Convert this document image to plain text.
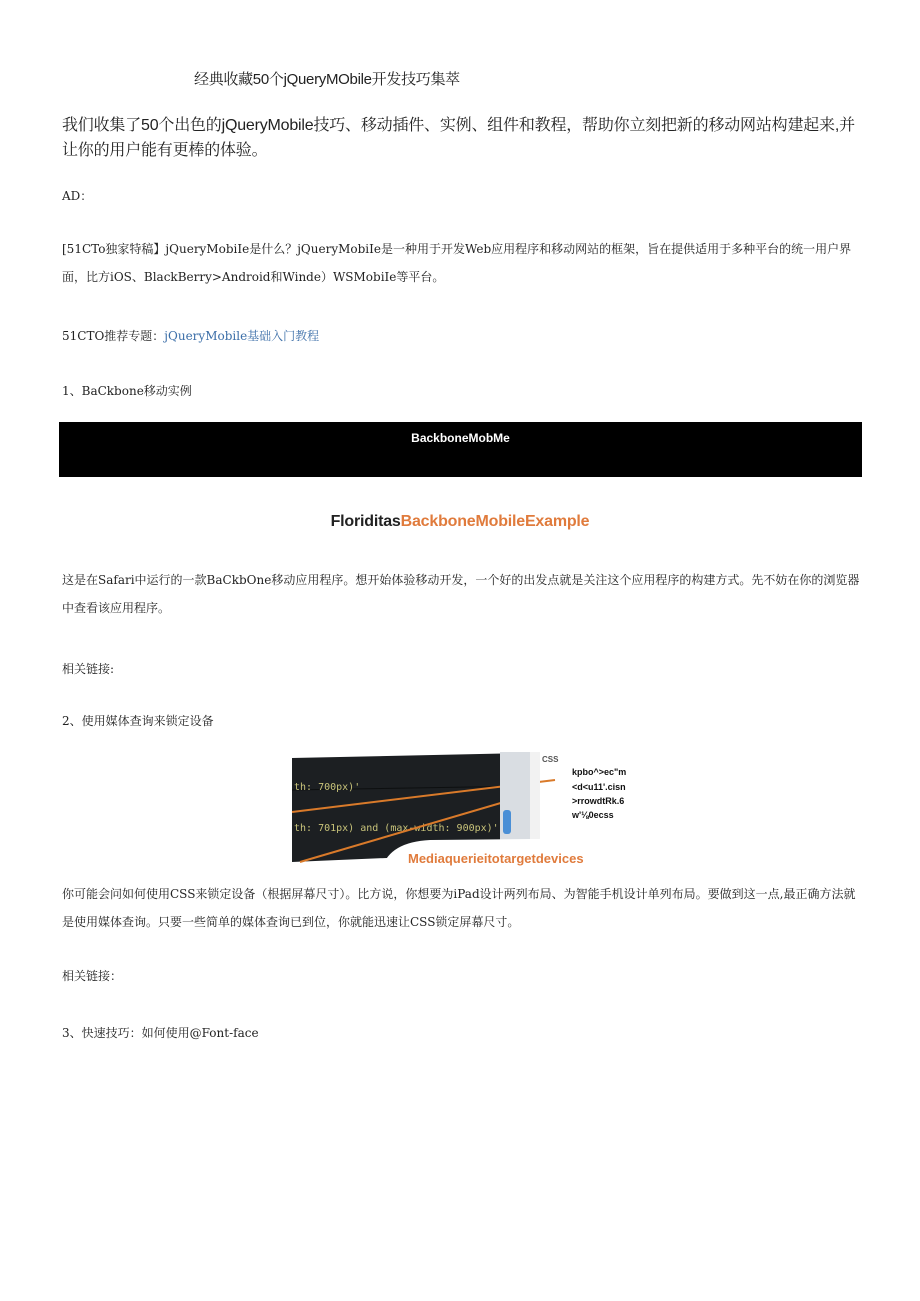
经典收藏50个jQueryMObile开发技巧集萃
我们收集了50个出色的jQueryMobile技巧、移动插件、实例、组件和教程，帮助你立刻把新的移动网站构建起来,并让你的用户能有更棒的体验。
AD：
[51CTo独家特稿】jQueryMobiIe是什么？jQueryMobiIe是一种用于开发Web应用程序和移动网站的框架，旨在提供适用于多种平台的统一用户界面，比方iOS、BlackBerry>Android和Winde）WSMobiIe等平台。
51CTO推荐专题：jQueryMobile基础入门教程
1、BaCkbone移动实例
BackboneMobMe
FloriditasBackboneMobileExample
这是在Safari中运行的一款BaCkbOne移动应用程序。想开始体验移动开发，一个好的出发点就是关注这个应用程序的构建方式。先不妨在你的浏览器中查看该应用程序。
相关链接:
2、使用媒体查询来锁定设备
th: 700px)'
th: 701px) and (max-width: 900px)'
CSS
kpbo^>ec"m
<d<u11'.cisn
>rrowdtRk.6
w'⅛0ecss
Mediaquerieitotargetdevices
你可能会问如何使用CSS来锁定设备（根据屏幕尺寸）。比方说，你想要为iPad设计两列布局、为智能手机设计单列布局。要做到这一点,最正确方法就是使用媒体查询。只要一些简单的媒体查询已到位，你就能迅速让CSS锁定屏幕尺寸。
相关链接：
3、快速技巧：如何使用@Font-face
